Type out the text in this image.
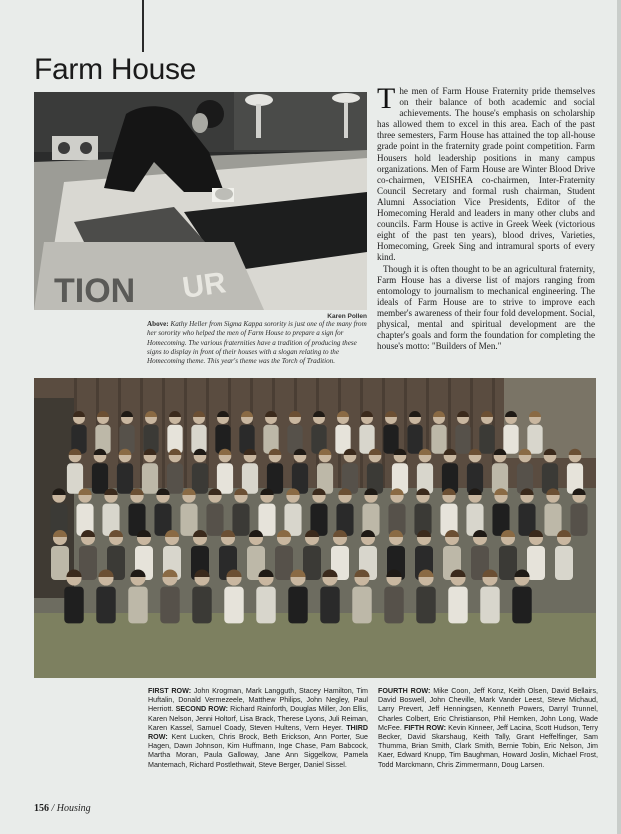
Farm House
TION UR
Karen Pollen
Above: Kathy Heller from Sigma Kappa sorority is just one of the many from her sorority who helped the men of Farm House to prepare a sign for Homecoming. The various fraternities have a tradition of producing these signs to display in front of their houses with a slogan relating to the Homecoming theme. This year's theme was the Torch of Tradition.

The men of Farm House Fraternity pride themselves on their balance of both academic and social achievements. The house's emphasis on scholarship has allowed them to excel in this area. Each of the past three semesters, Farm House has attained the top all-house grade point in the fraternity grade point competition. Farm Housers hold leadership positions in many campus organizations. Men of Farm House are Winter Blood Drive co-chairmen, VEISHEA co-chairmen, Inter-Fraternity Council Secretary and formal rush chairman, Student Alumni Association Vice Presidents, Editor of the Homecoming Herald and leaders in many other clubs and councils. Farm House is active in Greek Week (victorious eight of the past ten years), blood drives, Varieties, Homecoming, Greek Sing and intramural sports of every kind.

Though it is often thought to be an agricultural fraternity, Farm House has a diverse list of majors ranging from entomology to journalism to mechanical engineering. The ideals of Farm House are to strive to improve each member's awareness of their four fold development. Social, physical, mental and spiritual development are the chapter's goals and form the foundation for completing the house's motto: "Builders of Men."

FIRST ROW: John Krogman, Mark Langguth, Stacey Hamilton, Tim Huftalin, Donald Vermezeele, Matthew Philips, John Negley, Paul Herriott. SECOND ROW: Richard Rainforth, Douglas Miller, Jon Ellis, Karen Nelson, Jenni Holtorf, Lisa Brack, Therese Lyons, Juli Reiman, Karen Kassel, Samuel Coady, Steven Hultens, Vern Heyer. THIRD ROW: Kent Lucken, Chris Brock, Beth Erickson, Ann Porter, Sue Hagen, Dawn Johnson, Kim Huffmann, Inge Chase, Pam Babcock, Martha Moran, Paula Galloway, Jane Ann Siggelkow, Pamela Mantemach, Richard Postlethwait, Steve Berger, Daniel Sissel.
FOURTH ROW: Mike Coon, Jeff Konz, Keith Olsen, David Bellairs, David Boswell, John Cheville, Mark Vander Leest, Steve Michaud, Larry Prevert, Jeff Henningsen, Kenneth Powers, Darryl Trunnel, Charles Colbert, Eric Christianson, Phil Hemken, John Long, Wade McFee. FIFTH ROW: Kevin Kinneer, Jeff Lacina, Scott Hudson, Terry Becker, David Skarshaug, Keith Tally, Grant Heffelfinger, Sam Thumma, Brian Smith, Clark Smith, Bernie Tobin, Eric Nelson, Jim Kaer, Edward Knupp, Tim Baughman, Howard Joslin, Michael Frost, Todd Marckmann, Chris Zimmermann, Doug Larsen.
156 / Housing
